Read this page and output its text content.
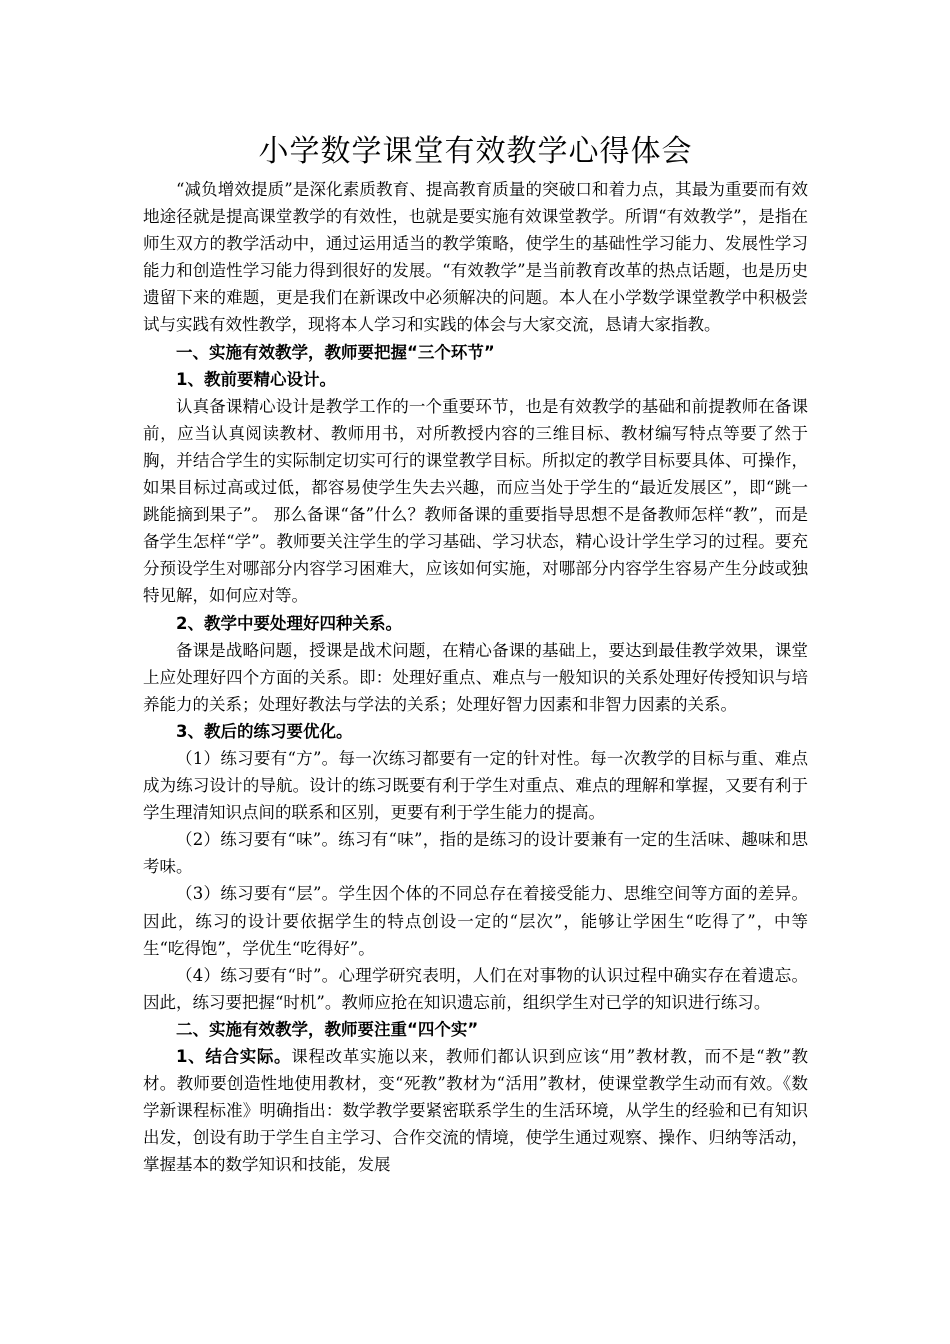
小学数学课堂有效教学心得体会

“减负增效提质”是深化素质教育、提高教育质量的突破口和着力点，其最为重要而有效地途径就是提高课堂教学的有效性，也就是要实施有效课堂教学。所谓“有效教学”，是指在师生双方的教学活动中，通过运用适当的教学策略，使学生的基础性学习能力、发展性学习能力和创造性学习能力得到很好的发展。“有效教学”是当前教育改革的热点话题，也是历史遗留下来的难题，更是我们在新课改中必须解决的问题。本人在小学数学课堂教学中积极尝试与实践有效性教学，现将本人学习和实践的体会与大家交流，恳请大家指教。

一、实施有效教学，教师要把握“三个环节”

1、教前要精心设计。

认真备课精心设计是教学工作的一个重要环节，也是有效教学的基础和前提教师在备课前，应当认真阅读教材、教师用书，对所教授内容的三维目标、教材编写特点等要了然于胸，并结合学生的实际制定切实可行的课堂教学目标。所拟定的教学目标要具体、可操作，如果目标过高或过低，都容易使学生失去兴趣，而应当处于学生的“最近发展区”，即“跳一跳能摘到果子”。 那么备课“备”什么？教师备课的重要指导思想不是备教师怎样“教”，而是备学生怎样“学”。教师要关注学生的学习基础、学习状态，精心设计学生学习的过程。要充分预设学生对哪部分内容学习困难大，应该如何实施，对哪部分内容学生容易产生分歧或独特见解，如何应对等。

2、教学中要处理好四种关系。

备课是战略问题，授课是战术问题，在精心备课的基础上，要达到最佳教学效果，课堂上应处理好四个方面的关系。即：处理好重点、难点与一般知识的关系处理好传授知识与培养能力的关系；处理好教法与学法的关系；处理好智力因素和非智力因素的关系。

3、教后的练习要优化。

（1）练习要有“方”。每一次练习都要有一定的针对性。每一次教学的目标与重、难点成为练习设计的导航。设计的练习既要有利于学生对重点、难点的理解和掌握，又要有利于学生理清知识点间的联系和区别，更要有利于学生能力的提高。

（2）练习要有“味”。练习有“味”，指的是练习的设计要兼有一定的生活味、趣味和思考味。

（3）练习要有“层”。学生因个体的不同总存在着接受能力、思维空间等方面的差异。因此，练习的设计要依据学生的特点创设一定的“层次”，能够让学困生“吃得了”，中等生“吃得饱”，学优生“吃得好”。

（4）练习要有“时”。心理学研究表明，人们在对事物的认识过程中确实存在着遗忘。因此，练习要把握“时机”。教师应抢在知识遗忘前，组织学生对已学的知识进行练习。

二、实施有效教学，教师要注重“四个实”

1、结合实际。课程改革实施以来，教师们都认识到应该“用”教材教，而不是“教”教材。教师要创造性地使用教材，变“死教”教材为“活用”教材，使课堂教学生动而有效。《数学新课程标准》明确指出：数学教学要紧密联系学生的生活环境，从学生的经验和已有知识出发，创设有助于学生自主学习、合作交流的情境，使学生通过观察、操作、归纳等活动，掌握基本的数学知识和技能，发展
